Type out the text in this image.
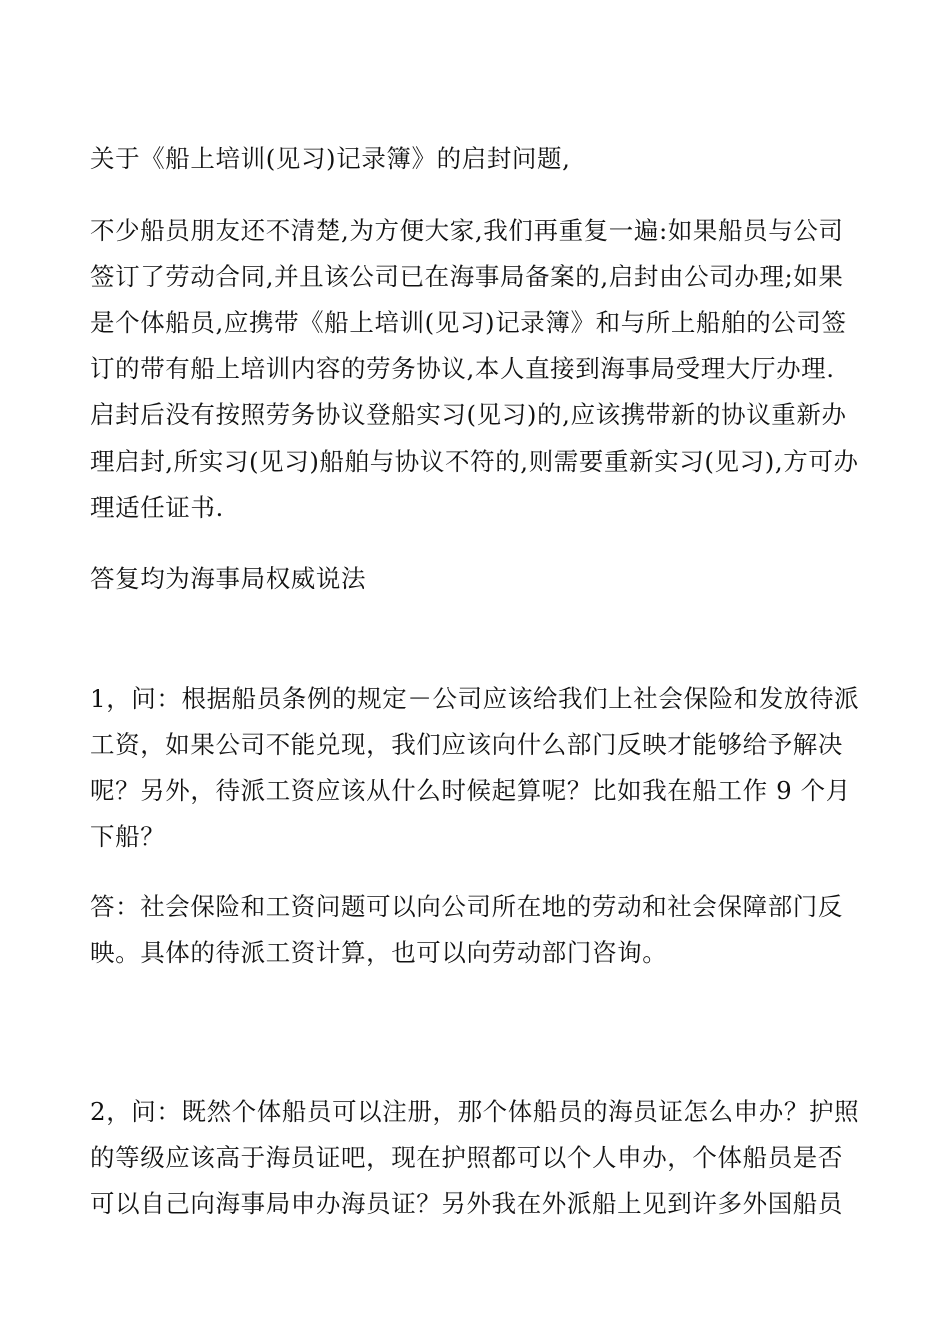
关于《船上培训(见习)记录簿》的启封问题,
不少船员朋友还不清楚,为方便大家,我们再重复一遍:如果船员与公司
签订了劳动合同,并且该公司已在海事局备案的,启封由公司办理;如果
是个体船员,应携带《船上培训(见习)记录簿》和与所上船舶的公司签
订的带有船上培训内容的劳务协议,本人直接到海事局受理大厅办理.
启封后没有按照劳务协议登船实习(见习)的,应该携带新的协议重新办
理启封,所实习(见习)船舶与协议不符的,则需要重新实习(见习),方可办
理适任证书.
答复均为海事局权威说法
1，问：根据船员条例的规定－公司应该给我们上社会保险和发放待派
工资，如果公司不能兑现，我们应该向什么部门反映才能够给予解决
呢？另外，待派工资应该从什么时候起算呢？比如我在船工作 9 个月
下船？
答：社会保险和工资问题可以向公司所在地的劳动和社会保障部门反
映。具体的待派工资计算，也可以向劳动部门咨询。
2，问：既然个体船员可以注册，那个体船员的海员证怎么申办？护照
的等级应该高于海员证吧，现在护照都可以个人申办，个体船员是否
可以自己向海事局申办海员证？另外我在外派船上见到许多外国船员
